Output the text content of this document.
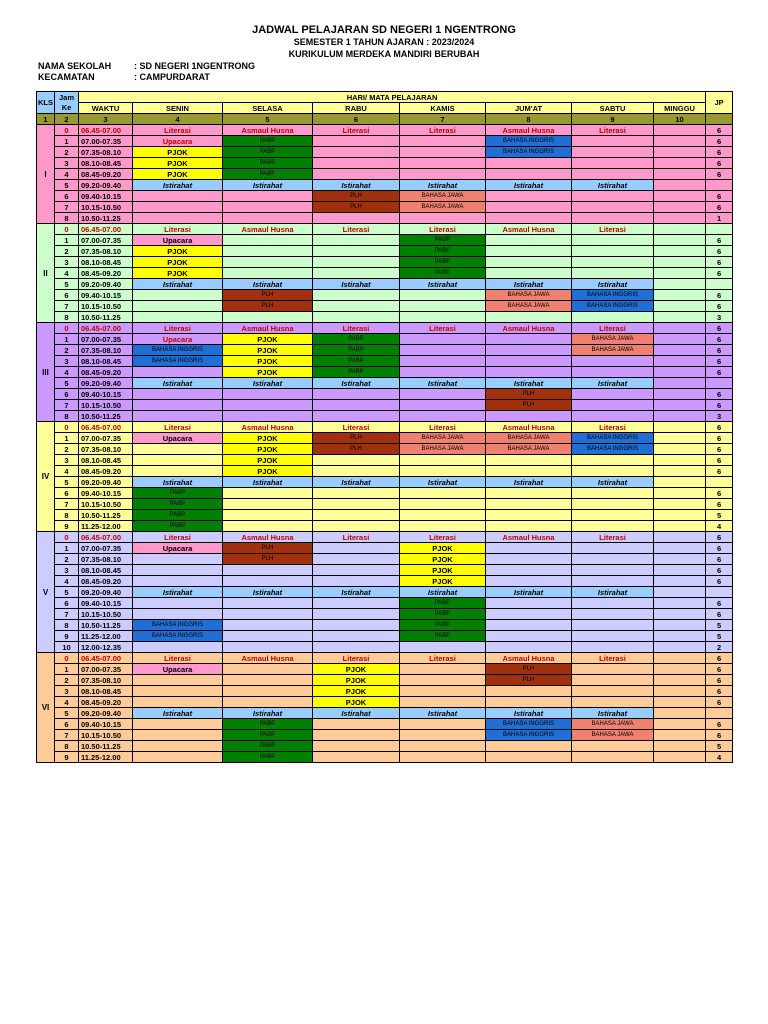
JADWAL PELAJARAN SD NEGERI 1 NGENTRONG
SEMESTER 1 TAHUN AJARAN : 2023/2024
KURIKULUM MERDEKA MANDIRI BERUBAH
NAMA SEKOLAH	: SD NEGERI 1NGENTRONG
KECAMATAN	: CAMPURDARAT
KLS	Jam Ke	HARI/ MATA PELAJARAN								JP
		WAKTU	SENIN	SELASA	RABU	KAMIS	JUM'AT	SABTU	MINGGU	
1	2	3	4	5	6	7	8	9	10	
I	0	06.45-07.00	Literasi	Asmaul Husna	Literasi	Literasi	Asmaul Husna	Literasi		6
	1	07.00-07.35	Upacara	PABP			BAHASA INGGRIS			6
	2	07.35-08.10	PJOK	PABP			BAHASA INGGRIS			6
	3	08.10-08.45	PJOK	PABP						6
	4	08.45-09.20	PJOK	PABP						6
	5	09.20-09.40	Istirahat	Istirahat	Istirahat	Istirahat	Istirahat	Istirahat		
	6	09.40-10.15			PLH	BAHASA JAWA				6
	7	10.15-10.50			PLH	BAHASA JAWA				6
	8	10.50-11.25								1
II	0	06.45-07.00	Literasi	Asmaul Husna	Literasi	Literasi	Asmaul Husna	Literasi		
	1	07.00-07.35	Upacara			PABP				6
	2	07.35-08.10	PJOK			PABP				6
	3	08.10-08.45	PJOK			PABP				6
	4	08.45-09.20	PJOK			PABP				6
	5	09.20-09.40	Istirahat	Istirahat	Istirahat	Istirahat	Istirahat	Istirahat		
	6	09.40-10.15		PLH			BAHASA JAWA	BAHASA INGGRIS		6
	7	10.15-10.50		PLH			BAHASA JAWA	BAHASA INGGRIS		6
	8	10.50-11.25								3
III	0	06.45-07.00	Literasi	Asmaul Husna	Literasi	Literasi	Asmaul Husna	Literasi		6
	1	07.00-07.35	Upacara	PJOK	PABP			BAHASA JAWA		6
	2	07.35-08.10	BAHASA INGGRIS	PJOK	PABP			BAHASA JAWA		6
	3	08.10-08.45	BAHASA INGGRIS	PJOK	PABP					6
	4	08.45-09.20		PJOK	PABP					6
	5	09.20-09.40	Istirahat	Istirahat	Istirahat	Istirahat	Istirahat	Istirahat		
	6	09.40-10.15					PLH			6
	7	10.15-10.50					PLH			6
	8	10.50-11.25								3
IV	0	06.45-07.00	Literasi	Asmaul Husna	Literasi	Literasi	Asmaul Husna	Literasi		6
	1	07.00-07.35	Upacara	PJOK	PLH	BAHASA JAWA	BAHASA JAWA	BAHASA INGGRIS		6
	2	07.35-08.10		PJOK	PLH	BAHASA JAWA	BAHASA JAWA	BAHASA INGGRIS		6
	3	08.10-08.45		PJOK						6
	4	08.45-09.20		PJOK						6
	5	09.20-09.40	Istirahat	Istirahat	Istirahat	Istirahat	Istirahat	Istirahat		
	6	09.40-10.15	PABP							6
	7	10.15-10.50	PABP							6
	8	10.50-11.25	PABP							5
	9	11.25-12.00	PABP							4
V	0	06.45-07.00	Literasi	Asmaul Husna	Literasi	Literasi	Asmaul Husna	Literasi		6
	1	07.00-07.35	Upacara	PLH		PJOK				6
	2	07.35-08.10		PLH		PJOK				6
	3	08.10-08.45				PJOK				6
	4	08.45-09.20				PJOK				6
	5	09.20-09.40	Istirahat	Istirahat	Istirahat	Istirahat	Istirahat	Istirahat		
	6	09.40-10.15				PABP				6
	7	10.15-10.50				PABP				6
	8	10.50-11.25	BAHASA INGGRIS			PABP				5
	9	11.25-12.00	BAHASA INGGRIS			PABP				5
	10	12.00-12.35								2
VI	0	06.45-07.00	Literasi	Asmaul Husna	Literasi	Literasi	Asmaul Husna	Literasi		6
	1	07.00-07.35	Upacara		PJOK		PLH			6
	2	07.35-08.10			PJOK		PLH			6
	3	08.10-08.45			PJOK					6
	4	08.45-09.20			PJOK					6
	5	09.20-09.40	Istirahat	Istirahat	Istirahat	Istirahat	Istirahat	Istirahat		
	6	09.40-10.15		PABP			BAHASA INGGRIS	BAHASA JAWA		6
	7	10.15-10.50		PABP			BAHASA INGGRIS	BAHASA JAWA		6
	8	10.50-11.25		PABP						5
	9	11.25-12.00		PABP						4
